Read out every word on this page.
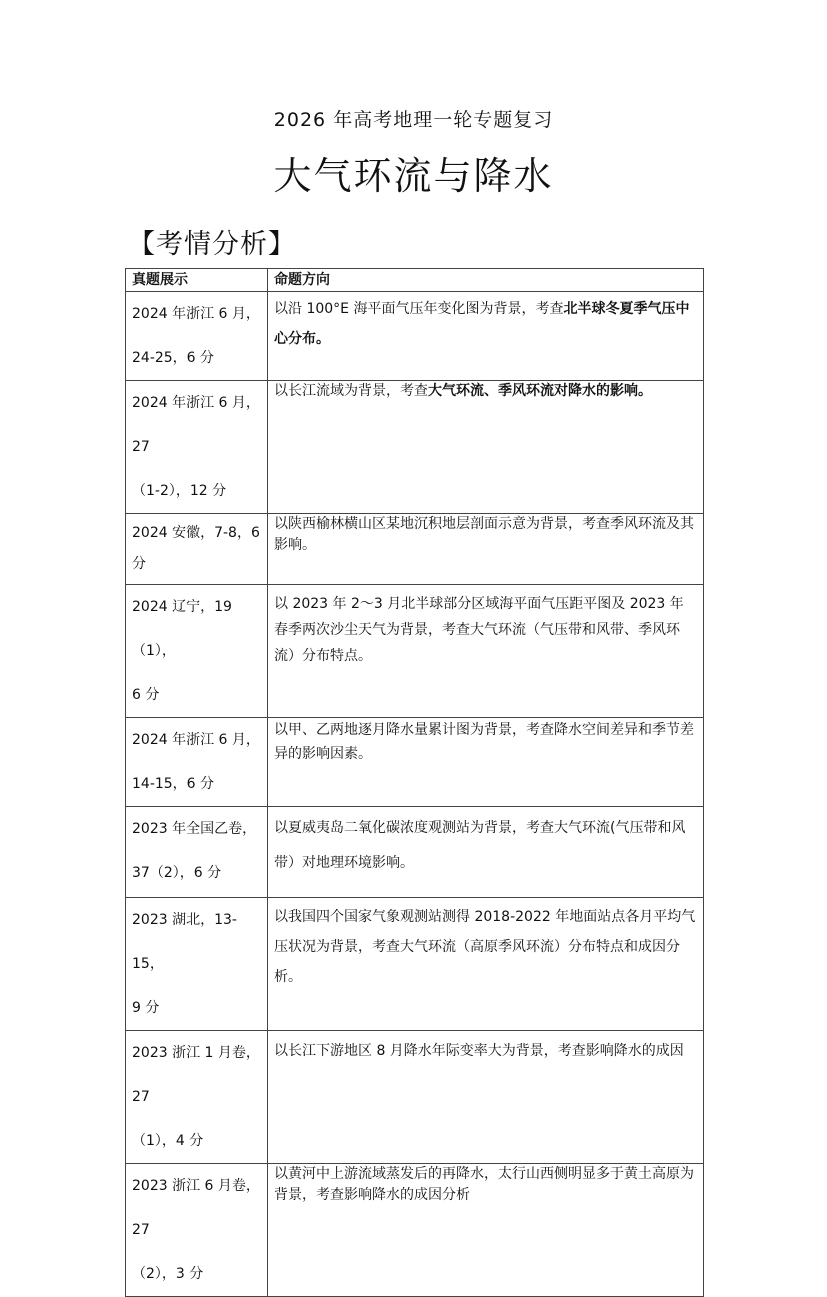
2026 年高考地理一轮专题复习
大气环流与降水
【考情分析】
真题展示	命题方向
2024 年浙江 6 月，
24-25，6 分	以沿 100°E 海平面气压年变化图为背景，考查北半球冬夏季气压中心分布。
2024 年浙江 6 月，27
（1-2），12 分	以长江流域为背景，考查大气环流、季风环流对降水的影响。
2024 安徽，7-8，6
分	以陕西榆林横山区某地沉积地层剖面示意为背景，考查季风环流及其影响。
2024 辽宁，19（1），
6 分	以 2023 年 2～3 月北半球部分区域海平面气压距平图及 2023 年春季两次沙尘天气为背景，考查大气环流（气压带和风带、季风环流）分布特点。
2024 年浙江 6 月，
14-15，6 分	以甲、乙两地逐月降水量累计图为背景，考查降水空间差异和季节差异的影响因素。
2023 年全国乙卷，
37（2），6 分	以夏威夷岛二氧化碳浓度观测站为背景，考查大气环流(气压带和风带）对地理环境影响。
2023 湖北，13-15，
9 分	以我国四个国家气象观测站测得 2018-2022 年地面站点各月平均气压状况为背景，考查大气环流（高原季风环流）分布特点和成因分析。
2023 浙江 1 月卷，27
（1），4 分	以长江下游地区 8 月降水年际变率大为背景，考查影响降水的成因
2023 浙江 6 月卷，27
（2），3 分	以黄河中上游流域蒸发后的再降水，太行山西侧明显多于黄土高原为背景，考查影响降水的成因分析
